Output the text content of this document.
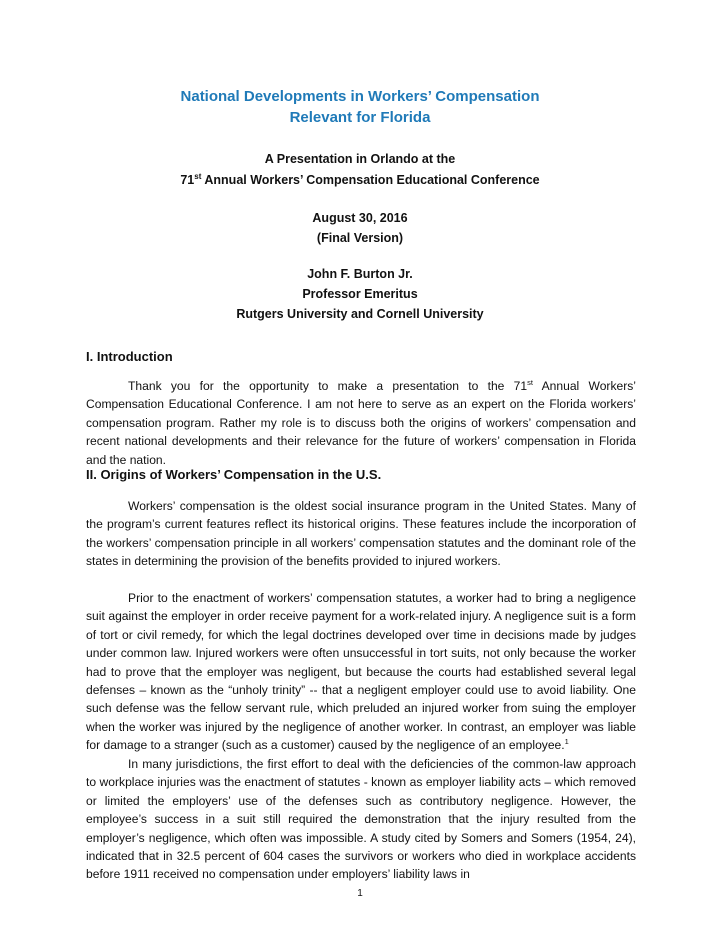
National Developments in Workers’ Compensation
Relevant for Florida
A Presentation in Orlando at the
71st Annual Workers’ Compensation Educational Conference
August 30, 2016
(Final Version)
John F. Burton Jr.
Professor Emeritus
Rutgers University and Cornell University
I. Introduction

Thank you for the opportunity to make a presentation to the 71st Annual Workers’ Compensation Educational Conference. I am not here to serve as an expert on the Florida workers’ compensation program. Rather my role is to discuss both the origins of workers’ compensation and recent national developments and their relevance for the future of workers’ compensation in Florida and the nation.

II. Origins of Workers’ Compensation in the U.S.

Workers’ compensation is the oldest social insurance program in the United States. Many of the program’s current features reflect its historical origins. These features include the incorporation of the workers’ compensation principle in all workers’ compensation statutes and the dominant role of the states in determining the provision of the benefits provided to injured workers.

Prior to the enactment of workers’ compensation statutes, a worker had to bring a negligence suit against the employer in order receive payment for a work-related injury. A negligence suit is a form of tort or civil remedy, for which the legal doctrines developed over time in decisions made by judges under common law. Injured workers were often unsuccessful in tort suits, not only because the worker had to prove that the employer was negligent, but because the courts had established several legal defenses – known as the “unholy trinity” -- that a negligent employer could use to avoid liability. One such defense was the fellow servant rule, which preluded an injured worker from suing the employer when the worker was injured by the negligence of another worker. In contrast, an employer was liable for damage to a stranger (such as a customer) caused by the negligence of an employee.$^1$

In many jurisdictions, the first effort to deal with the deficiencies of the common-law approach to workplace injuries was the enactment of statutes - known as employer liability acts – which removed or limited the employers’ use of the defenses such as contributory negligence. However, the employee’s success in a suit still required the demonstration that the injury resulted from the employer’s negligence, which often was impossible. A study cited by Somers and Somers (1954, 24), indicated that in 32.5 percent of 604 cases the survivors or workers who died in workplace accidents before 1911 received no compensation under employers’ liability laws in

1
